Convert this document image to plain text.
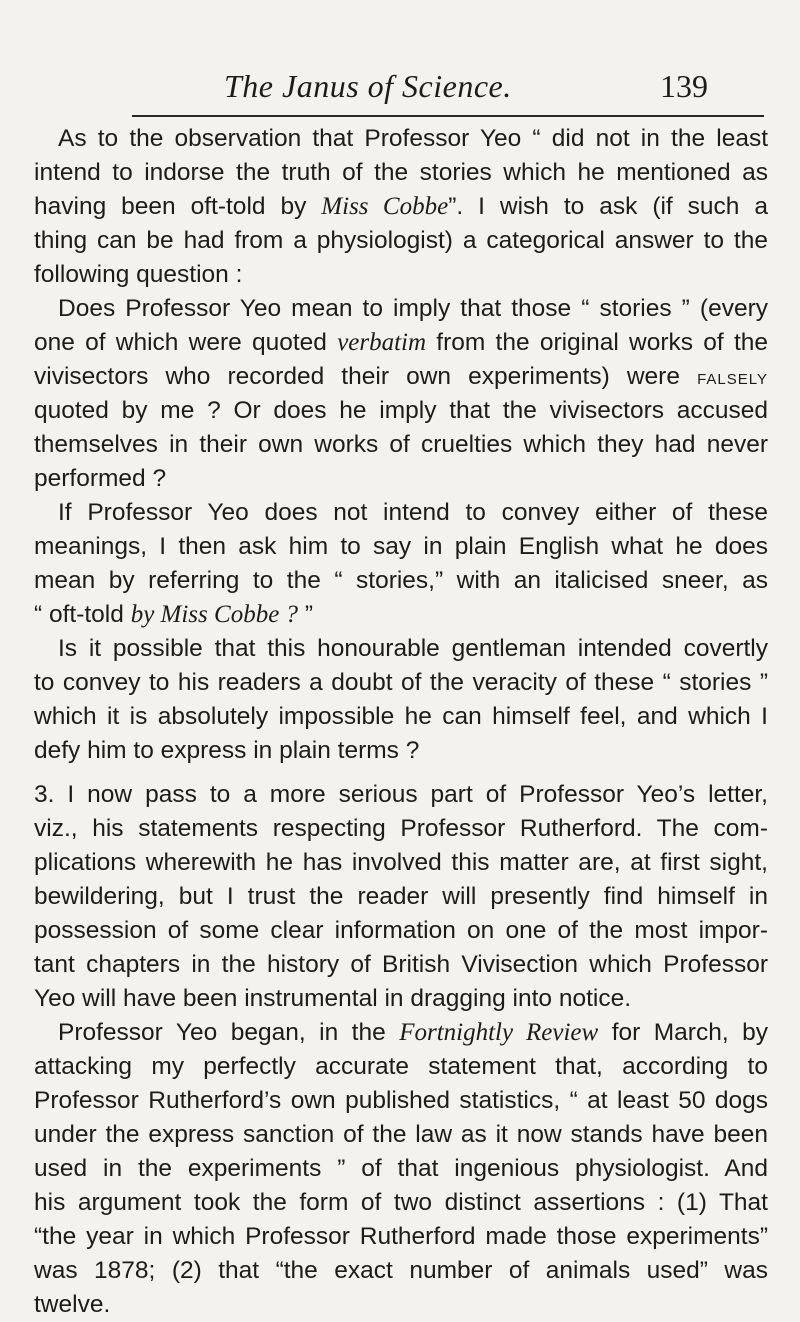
The Janus of Science.	139
As to the observation that Professor Yeo “ did not in the least
intend to indorse the truth of the stories which he mentioned as
having been oft-told by Miss Cobbe”. I wish to ask (if such a
thing can be had from a physiologist) a categorical answer to the
following question :
Does Professor Yeo mean to imply that those “ stories ” (every
one of which were quoted verbatim from the original works of the
vivisectors who recorded their own experiments) were falsely
quoted by me ? Or does he imply that the vivisectors accused
themselves in their own works of cruelties which they had never
performed ?
If Professor Yeo does not intend to convey either of these
meanings, I then ask him to say in plain English what he does
mean by referring to the “ stories,” with an italicised sneer, as
“ oft-told by Miss Cobbe ? ”
Is it possible that this honourable gentleman intended covertly
to convey to his readers a doubt of the veracity of these “ stories ”
which it is absolutely impossible he can himself feel, and which I
defy him to express in plain terms ?
3. I now pass to a more serious part of Professor Yeo’s letter,
viz., his statements respecting Professor Rutherford. The com-
plications wherewith he has involved this matter are, at first sight,
bewildering, but I trust the reader will presently find himself in
possession of some clear information on one of the most impor-
tant chapters in the history of British Vivisection which Professor
Yeo will have been instrumental in dragging into notice.
Professor Yeo began, in the Fortnightly Review for March, by
attacking my perfectly accurate statement that, according to
Professor Rutherford’s own published statistics, “ at least 50 dogs
under the express sanction of the law as it now stands have been
used in the experiments ” of that ingenious physiologist. And
his argument took the form of two distinct assertions : (1) That
“the year in which Professor Rutherford made those experiments”
was 1878; (2) that “the exact number of animals used” was
twelve.
